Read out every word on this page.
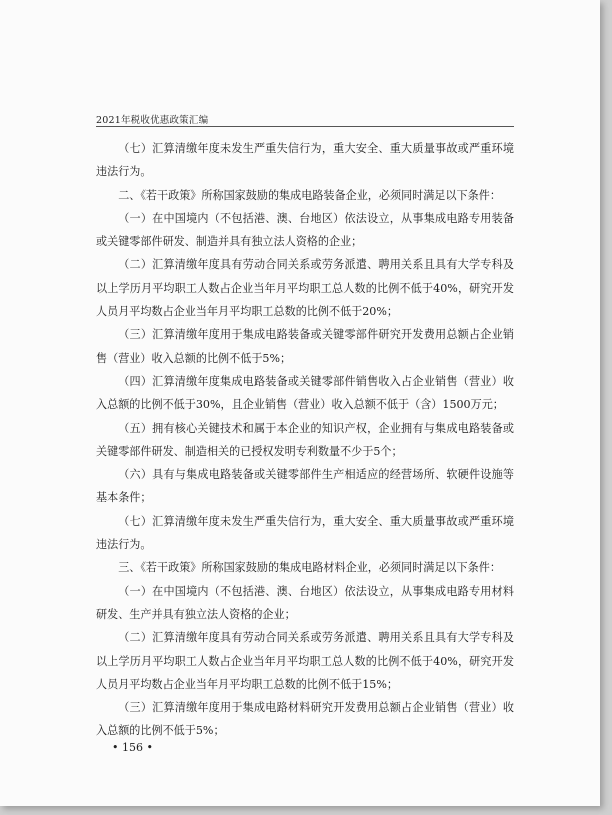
2021年税收优惠政策汇编

（七）汇算清缴年度未发生严重失信行为，重大安全、重大质量事故或严重环境违法行为。

二、《若干政策》所称国家鼓励的集成电路装备企业，必须同时满足以下条件：

（一）在中国境内（不包括港、澳、台地区）依法设立，从事集成电路专用装备或关键零部件研发、制造并具有独立法人资格的企业；

（二）汇算清缴年度具有劳动合同关系或劳务派遣、聘用关系且具有大学专科及以上学历月平均职工人数占企业当年月平均职工总人数的比例不低于40%，研究开发人员月平均数占企业当年月平均职工总数的比例不低于20%；

（三）汇算清缴年度用于集成电路装备或关键零部件研究开发费用总额占企业销售（营业）收入总额的比例不低于5%；

（四）汇算清缴年度集成电路装备或关键零部件销售收入占企业销售（营业）收入总额的比例不低于30%，且企业销售（营业）收入总额不低于（含）1500万元；

（五）拥有核心关键技术和属于本企业的知识产权，企业拥有与集成电路装备或关键零部件研发、制造相关的已授权发明专利数量不少于5个；

（六）具有与集成电路装备或关键零部件生产相适应的经营场所、软硬件设施等基本条件；

（七）汇算清缴年度未发生严重失信行为，重大安全、重大质量事故或严重环境违法行为。

三、《若干政策》所称国家鼓励的集成电路材料企业，必须同时满足以下条件：

（一）在中国境内（不包括港、澳、台地区）依法设立，从事集成电路专用材料研发、生产并具有独立法人资格的企业；

（二）汇算清缴年度具有劳动合同关系或劳务派遣、聘用关系且具有大学专科及以上学历月平均职工人数占企业当年月平均职工总人数的比例不低于40%，研究开发人员月平均数占企业当年月平均职工总数的比例不低于15%；

（三）汇算清缴年度用于集成电路材料研究开发费用总额占企业销售（营业）收入总额的比例不低于5%；

• 156 •
